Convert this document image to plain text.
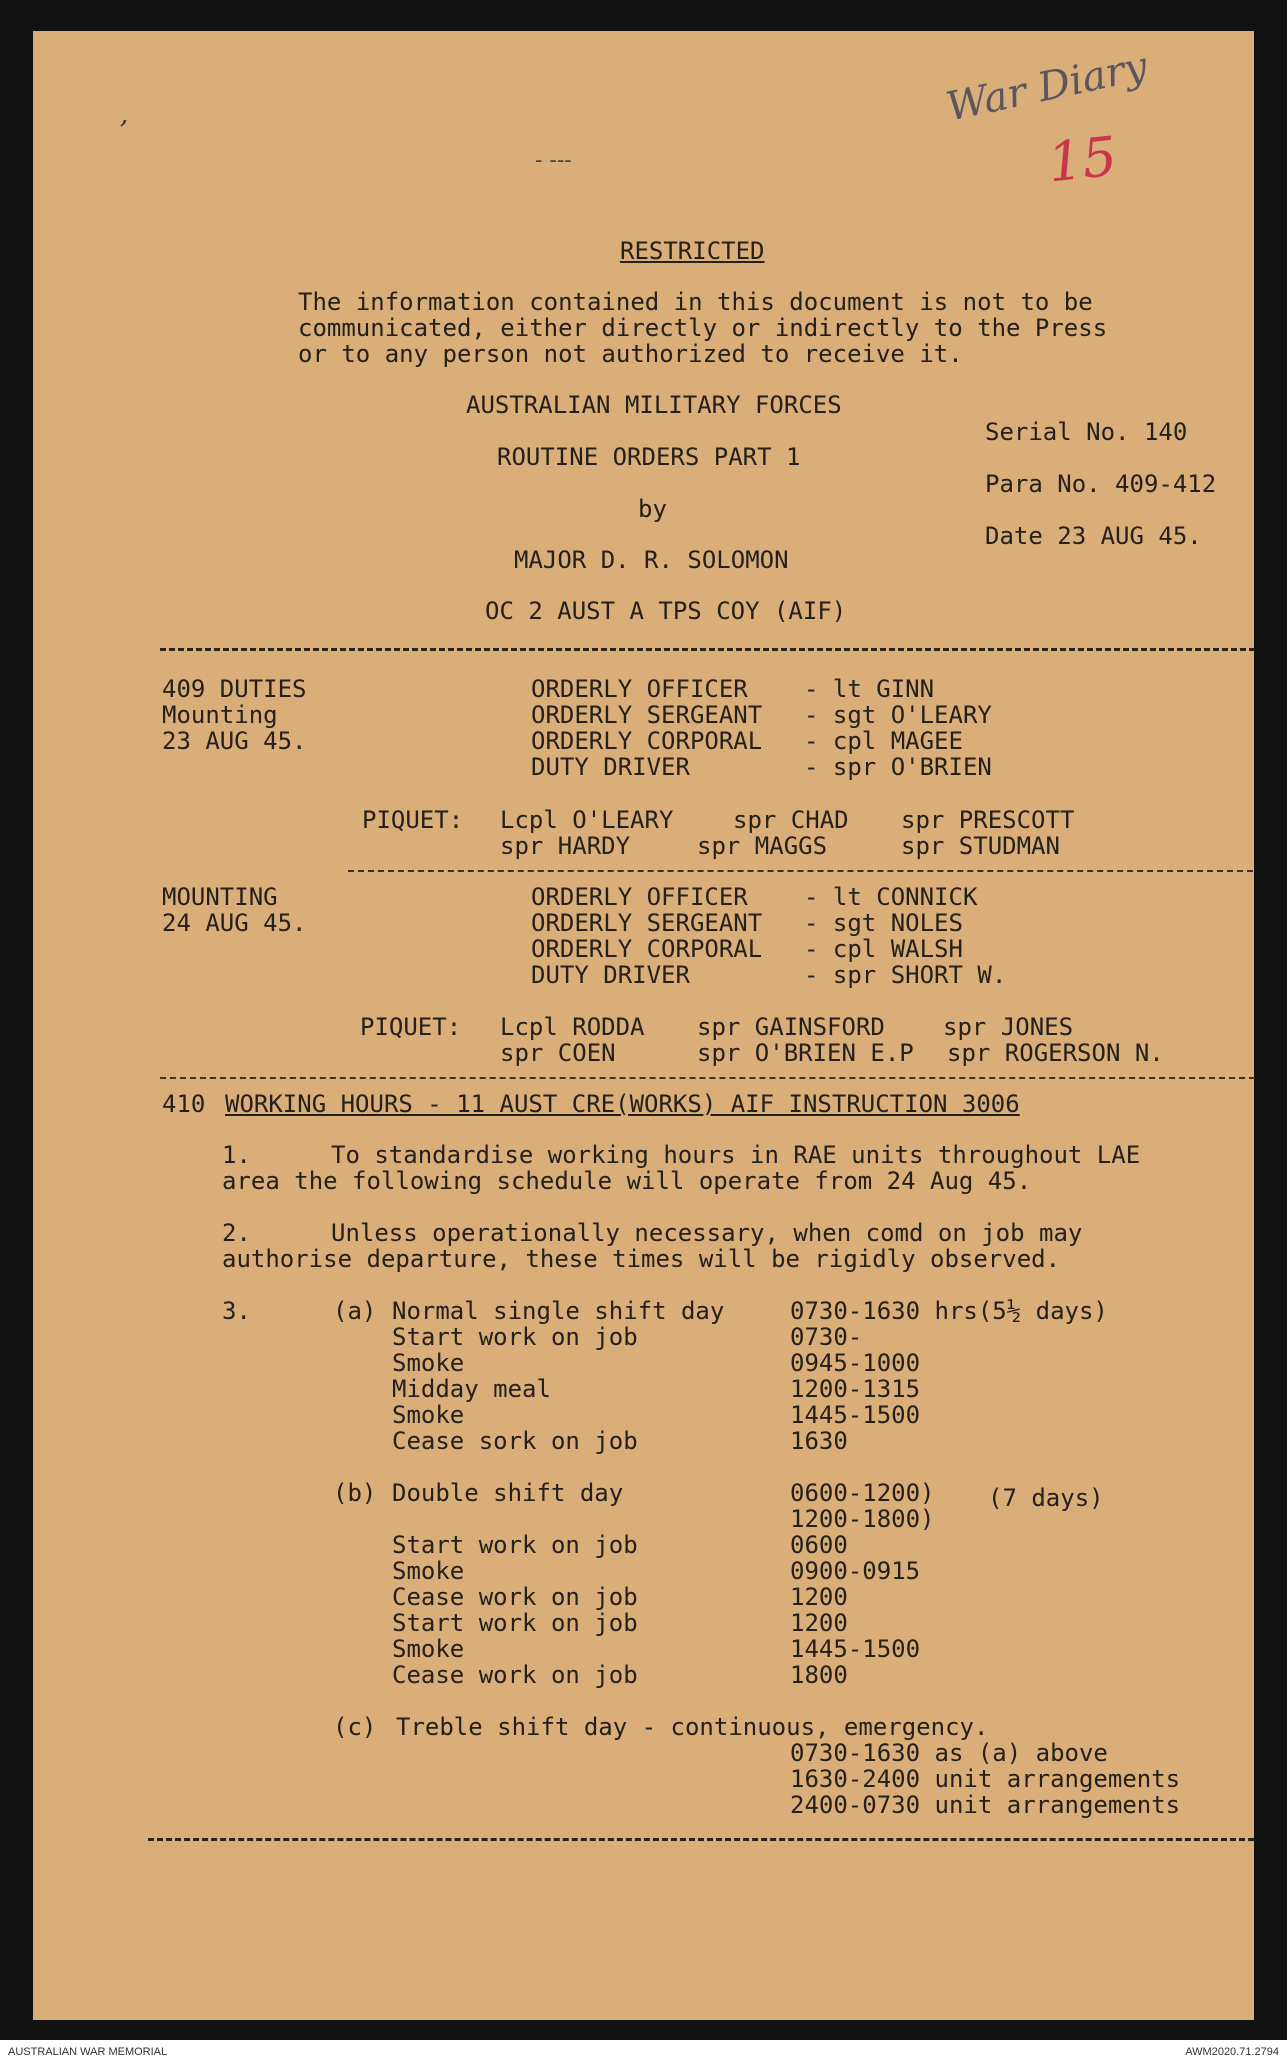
War Diary
15
,
- ---
RESTRICTED
The information contained in this document is not to be
communicated, either directly or indirectly to the Press
or to any person not authorized to receive it.
AUSTRALIAN MILITARY FORCES
ROUTINE ORDERS PART 1
by
MAJOR D. R. SOLOMON
OC 2 AUST A TPS COY (AIF)
Serial No. 140
Para No. 409-412
Date 23 AUG 45.
409 DUTIES
Mounting
23 AUG 45.
ORDERLY OFFICER - lt GINN
ORDERLY SERGEANT - sgt O'LEARY
ORDERLY CORPORAL - cpl MAGEE
DUTY DRIVER	- spr O'BRIEN
PIQUET: Lcpl O'LEARY spr CHAD spr PRESCOTT
spr HARDY	spr MAGGS	spr STUDMAN
MOUNTING
24 AUG 45.
ORDERLY OFFICER - lt CONNICK
ORDERLY SERGEANT - sgt NOLES
ORDERLY CORPORAL - cpl WALSH
DUTY DRIVER	- spr SHORT W.
PIQUET: Lcpl RODDA spr GAINSFORD spr JONES
spr COEN	spr O'BRIEN E.P spr ROGERSON N.
410 WORKING HOURS - 11 AUST CRE(WORKS) AIF INSTRUCTION 3006
1.	To standardise working hours in RAE units throughout LAE
area the following schedule will operate from 24 Aug 45.
2.	Unless operationally necessary, when comd on job may
authorise departure, these times will be rigidly observed.
3.	(a) Normal single shift day	0730-1630 hrs(5½ days)
Start work on job	0730-
Smoke	0945-1000
Midday meal	1200-1315
Smoke	1445-1500
Cease sork on job	1630
(b) Double shift day	0600-1200)
1200-1800)
(7 days)
Start work on job	0600
Smoke	0900-0915
Cease work on job	1200
Start work on job	1200
Smoke	1445-1500
Cease work on job	1800
(c) Treble shift day - continuous, emergency.
0730-1630 as (a) above
1630-2400 unit arrangements
2400-0730 unit arrangements
AUSTRALIAN WAR MEMORIAL	AWM2020.71.2794
